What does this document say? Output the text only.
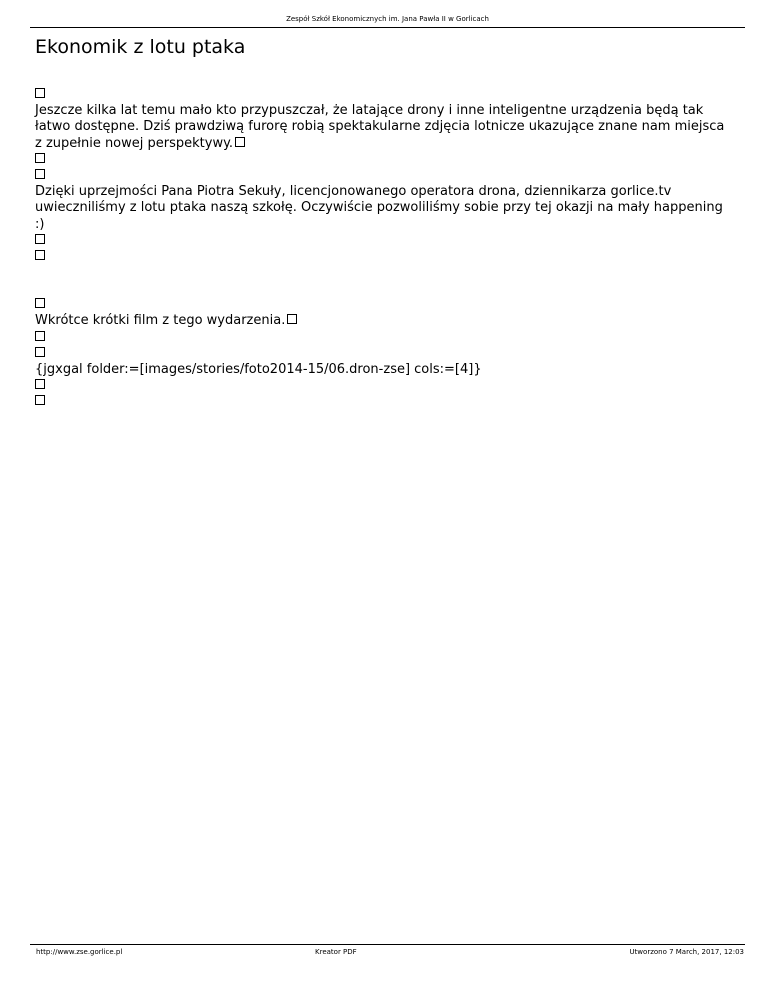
Zespół Szkół Ekonomicznych im. Jana Pawła II w Gorlicach
Ekonomik z lotu ptaka
Jeszcze kilka lat temu mało kto przypuszczał, że latające drony i inne inteligentne urządzenia będą tak łatwo dostępne. Dziś prawdziwą furorę robią spektakularne zdjęcia lotnicze ukazujące znane nam miejsca z zupełnie nowej perspektywy.
Dzięki uprzejmości Pana Piotra Sekuły, licencjonowanego operatora drona, dziennikarza gorlice.tv uwieczniliśmy z lotu ptaka naszą szkołę. Oczywiście pozwoliliśmy sobie przy tej okazji na mały happening :)
Wkrótce krótki film z tego wydarzenia.
{jgxgal folder:=[images/stories/foto2014-15/06.dron-zse] cols:=[4]}
http://www.zse.gorlice.pl	Kreator PDF	Utworzono 7 March, 2017, 12:03
